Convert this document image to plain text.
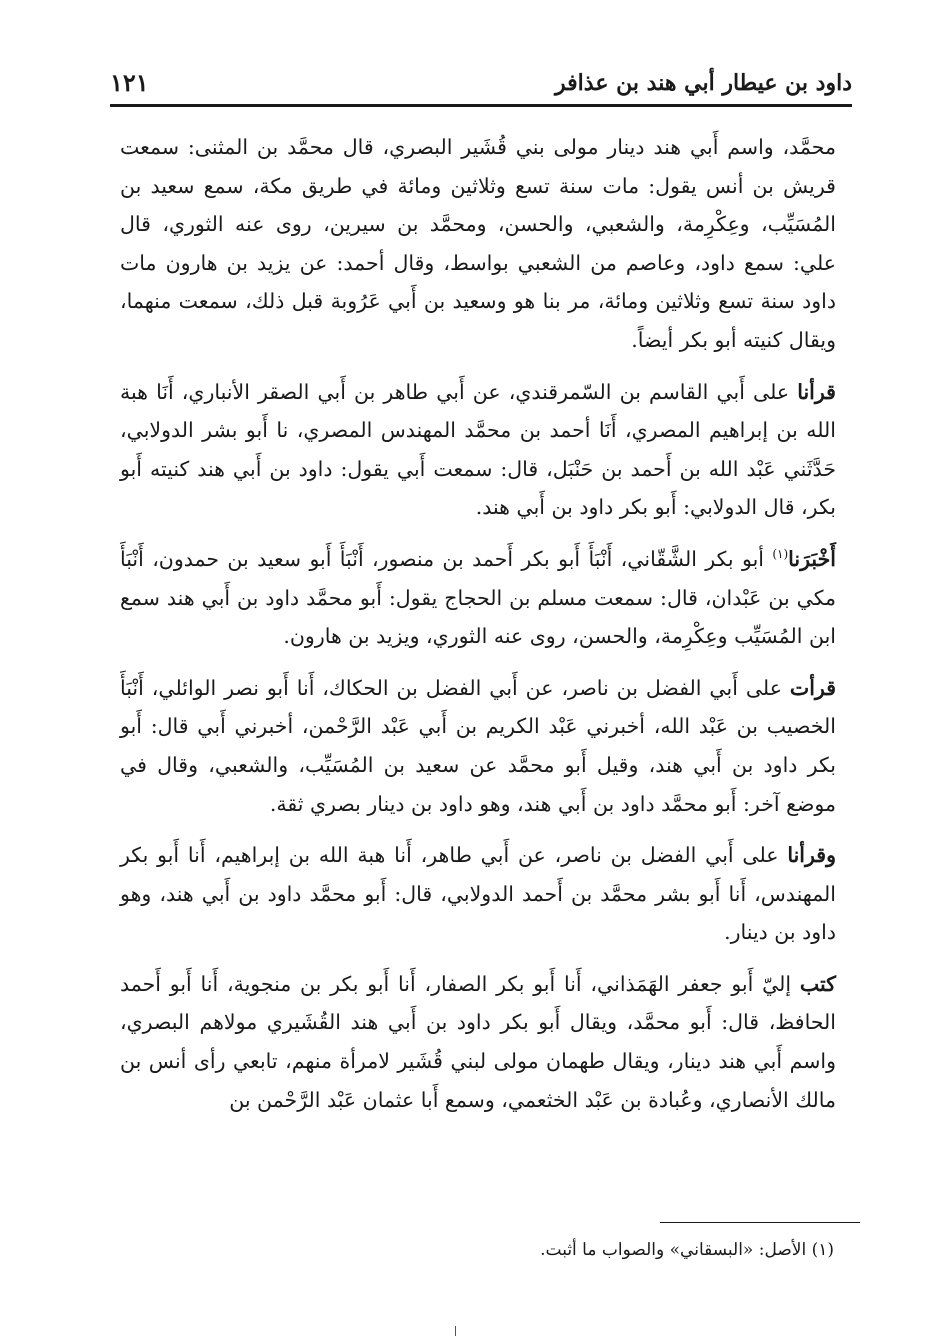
داود بن عيطار أبي هند بن عذافر
١٢١

محمَّد، واسم أَبي هند دينار مولى بني قُشَير البصري، قال محمَّد بن المثنى: سمعت قريش بن أنس يقول: مات سنة تسع وثلاثين ومائة في طريق مكة، سمع سعيد بن المُسَيِّب، وعِكْرِمة، والشعبي، والحسن، ومحمَّد بن سيرين، روى عنه الثوري، قال علي: سمع داود، وعاصم من الشعبي بواسط، وقال أحمد: عن يزيد بن هارون مات داود سنة تسع وثلاثين ومائة، مر بنا هو وسعيد بن أَبي عَرُوبة قبل ذلك، سمعت منهما، ويقال كنيته أبو بكر أيضاً.

قرأنا على أَبي القاسم بن السّمرقندي، عن أَبي طاهر بن أَبي الصقر الأنباري، أَنَا هبة الله بن إبراهيم المصري، أَنَا أحمد بن محمَّد المهندس المصري، نا أَبو بشر الدولابي، حَدَّثَني عَبْد الله بن أَحمد بن حَنْبَل، قال: سمعت أَبي يقول: داود بن أَبي هند كنيته أَبو بكر، قال الدولابي: أَبو بكر داود بن أَبي هند.

أَخْبَرَنا$^{(١)}$ أبو بكر الشَّقّاني، أَنْبَأَ أَبو بكر أَحمد بن منصور، أَنْبَأَ أَبو سعيد بن حمدون، أَنْبَأَ مكي بن عَبْدان، قال: سمعت مسلم بن الحجاج يقول: أَبو محمَّد داود بن أَبي هند سمع ابن المُسَيِّب وعِكْرِمة، والحسن، روى عنه الثوري، ويزيد بن هارون.

قرأت على أَبي الفضل بن ناصر، عن أَبي الفضل بن الحكاك، أَنا أَبو نصر الوائلي، أَنْبَأَ الخصيب بن عَبْد الله، أخبرني عَبْد الكريم بن أَبي عَبْد الرَّحْمن، أخبرني أَبي قال: أَبو بكر داود بن أَبي هند، وقيل أَبو محمَّد عن سعيد بن المُسَيِّب، والشعبي، وقال في موضع آخر: أَبو محمَّد داود بن أَبي هند، وهو داود بن دينار بصري ثقة.

وقرأنا على أَبي الفضل بن ناصر، عن أَبي طاهر، أَنا هبة الله بن إبراهيم، أَنا أَبو بكر المهندس، أَنا أَبو بشر محمَّد بن أَحمد الدولابي، قال: أَبو محمَّد داود بن أَبي هند، وهو داود بن دينار.

كتب إليّ أَبو جعفر الهَمَذاني، أَنا أَبو بكر الصفار، أَنا أَبو بكر بن منجوية، أَنا أَبو أَحمد الحافظ، قال: أَبو محمَّد، ويقال أَبو بكر داود بن أَبي هند القُشَيري مولاهم البصري، واسم أَبي هند دينار، ويقال طهمان مولى لبني قُشَير لامرأة منهم، تابعي رأى أنس بن مالك الأنصاري، وعُبادة بن عَبْد الخثعمي، وسمع أَبا عثمان عَبْد الرَّحْمن بن

(١) الأصل: «البسقاني» والصواب ما أثبت.
